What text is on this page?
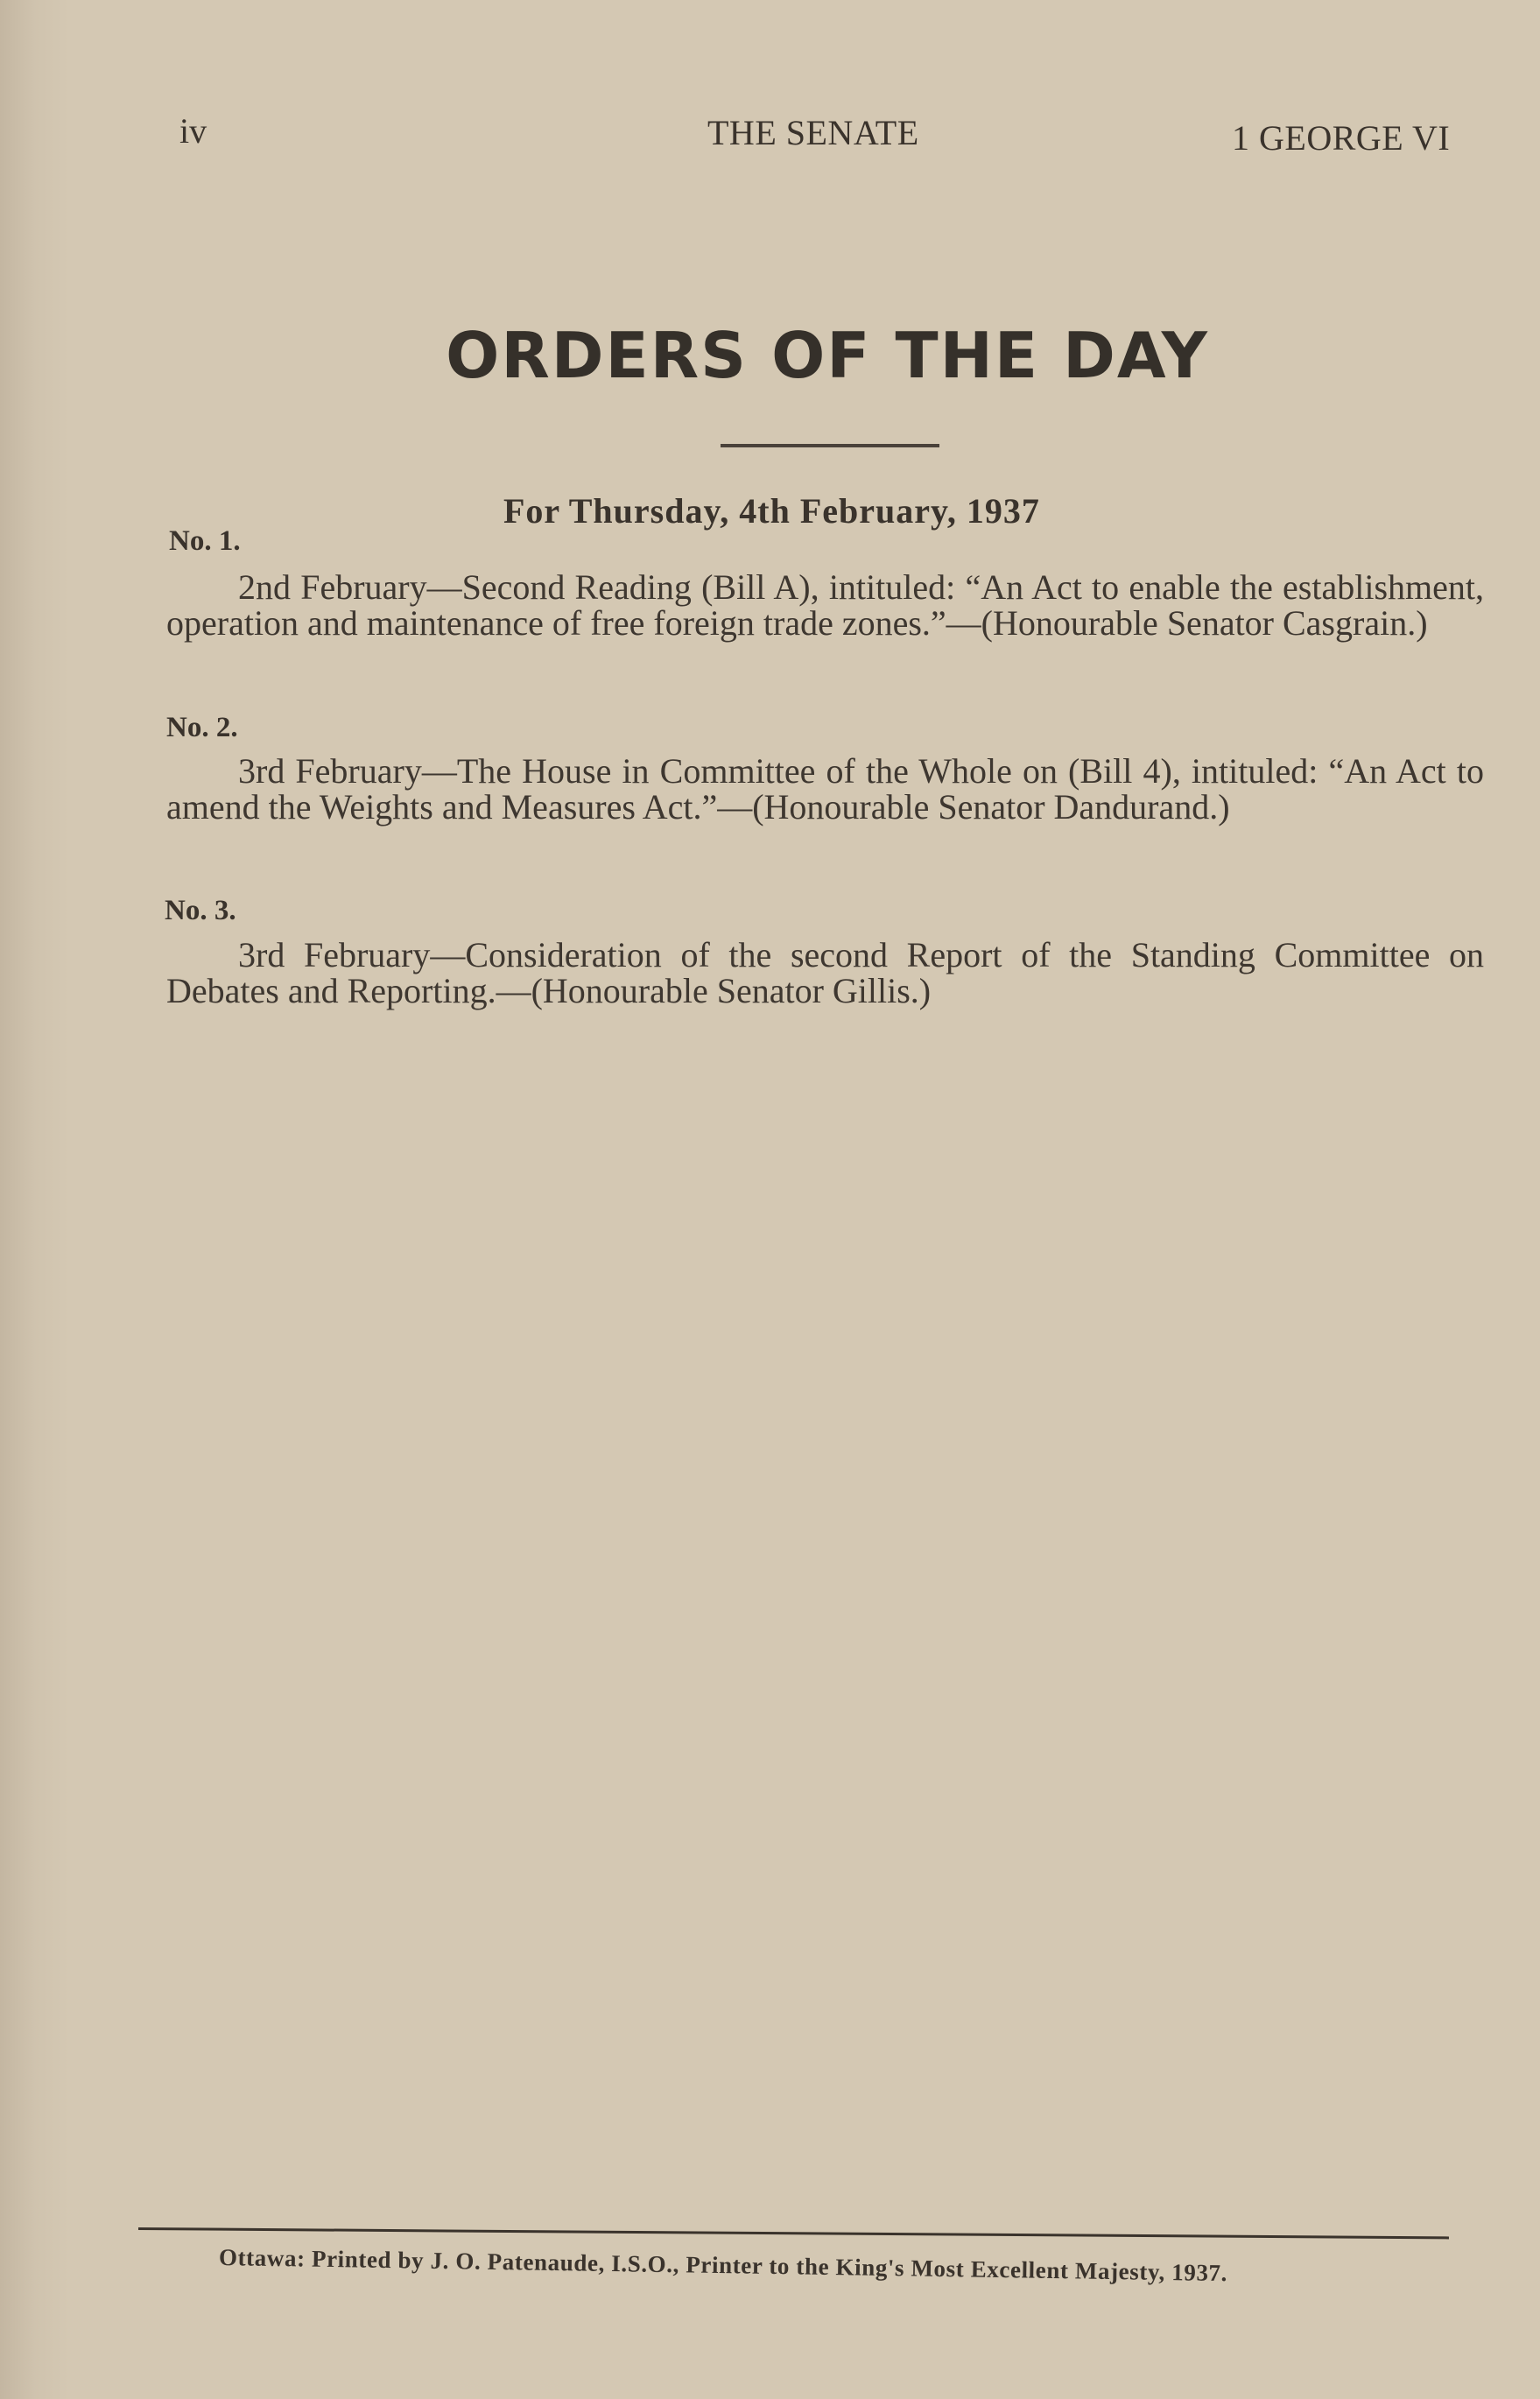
iv	THE SENATE	1 GEORGE VI
ORDERS OF THE DAY
For Thursday, 4th February, 1937
No. 1.
2nd February—Second Reading (Bill A), intituled: “An Act to enable the establishment, operation and maintenance of free foreign trade zones.”—(Honourable Senator Casgrain.)
No. 2.
3rd February—The House in Committee of the Whole on (Bill 4), intituled: “An Act to amend the Weights and Measures Act.”—(Honourable Senator Dandurand.)
No. 3.
3rd February—Consideration of the second Report of the Standing Committee on Debates and Reporting.—(Honourable Senator Gillis.)
Ottawa: Printed by J. O. Patenaude, I.S.O., Printer to the King's Most Excellent Majesty, 1937.
